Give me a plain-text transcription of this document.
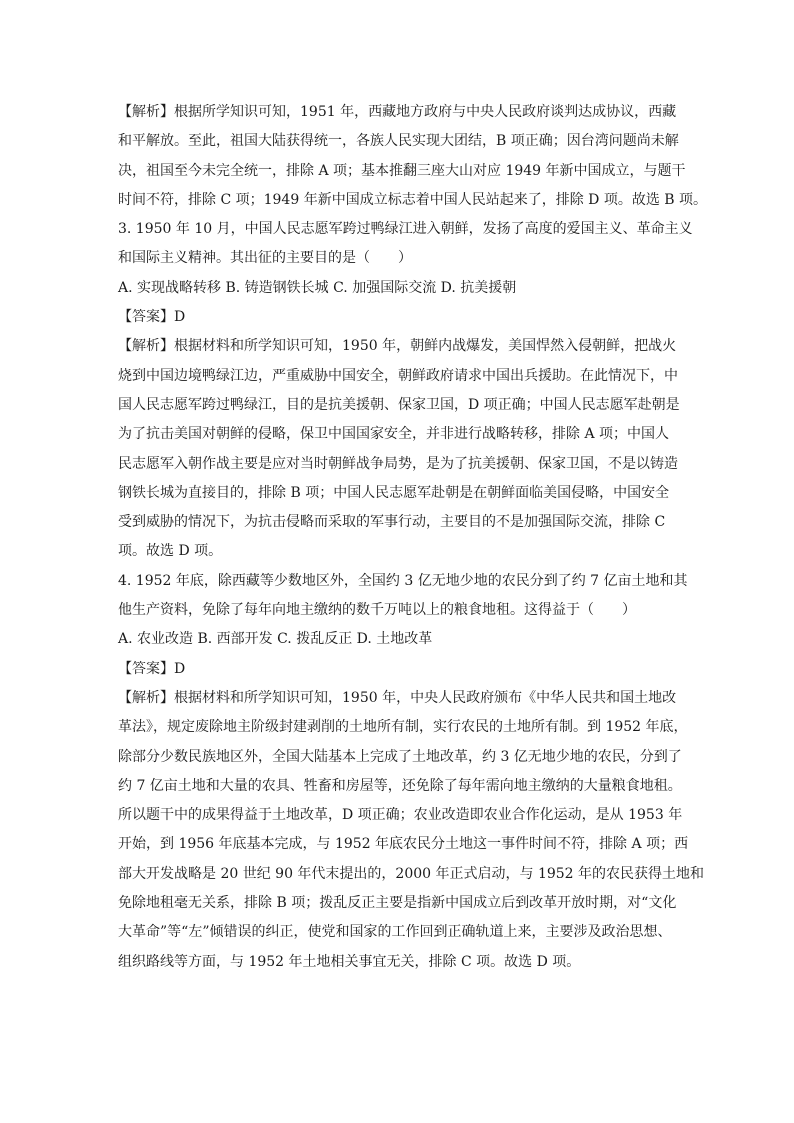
【解析】根据所学知识可知，1951 年，西藏地方政府与中央人民政府谈判达成协议，西藏
和平解放。至此，祖国大陆获得统一，各族人民实现大团结，B 项正确；因台湾问题尚未解
决，祖国至今未完全统一，排除 A 项；基本推翻三座大山对应 1949 年新中国成立，与题干
时间不符，排除 C 项；1949 年新中国成立标志着中国人民站起来了，排除 D 项。故选 B 项。
3. 1950 年 10 月，中国人民志愿军跨过鸭绿江进入朝鲜，发扬了高度的爱国主义、革命主义
和国际主义精神。其出征的主要目的是（　　）
A. 实现战略转移 B. 铸造钢铁长城 C. 加强国际交流 D. 抗美援朝
【答案】D
【解析】根据材料和所学知识可知，1950 年，朝鲜内战爆发，美国悍然入侵朝鲜，把战火
烧到中国边境鸭绿江边，严重威胁中国安全，朝鲜政府请求中国出兵援助。在此情况下，中
国人民志愿军跨过鸭绿江，目的是抗美援朝、保家卫国，D 项正确；中国人民志愿军赴朝是
为了抗击美国对朝鲜的侵略，保卫中国国家安全，并非进行战略转移，排除 A 项；中国人
民志愿军入朝作战主要是应对当时朝鲜战争局势，是为了抗美援朝、保家卫国，不是以铸造
钢铁长城为直接目的，排除 B 项；中国人民志愿军赴朝是在朝鲜面临美国侵略，中国安全
受到威胁的情况下，为抗击侵略而采取的军事行动，主要目的不是加强国际交流，排除 C
项。故选 D 项。
4. 1952 年底，除西藏等少数地区外，全国约 3 亿无地少地的农民分到了约 7 亿亩土地和其
他生产资料，免除了每年向地主缴纳的数千万吨以上的粮食地租。这得益于（　　）
A. 农业改造 B. 西部开发 C. 拨乱反正 D. 土地改革
【答案】D
【解析】根据材料和所学知识可知，1950 年，中央人民政府颁布《中华人民共和国土地改
革法》，规定废除地主阶级封建剥削的土地所有制，实行农民的土地所有制。到 1952 年底，
除部分少数民族地区外，全国大陆基本上完成了土地改革，约 3 亿无地少地的农民，分到了
约 7 亿亩土地和大量的农具、牲畜和房屋等，还免除了每年需向地主缴纳的大量粮食地租。
所以题干中的成果得益于土地改革，D 项正确；农业改造即农业合作化运动，是从 1953 年
开始，到 1956 年底基本完成，与 1952 年底农民分土地这一事件时间不符，排除 A 项；西
部大开发战略是 20 世纪 90 年代末提出的，2000 年正式启动，与 1952 年的农民获得土地和
免除地租毫无关系，排除 B 项；拨乱反正主要是指新中国成立后到改革开放时期，对“文化
大革命”等“左”倾错误的纠正，使党和国家的工作回到正确轨道上来，主要涉及政治思想、
组织路线等方面，与 1952 年土地相关事宜无关，排除 C 项。故选 D 项。
